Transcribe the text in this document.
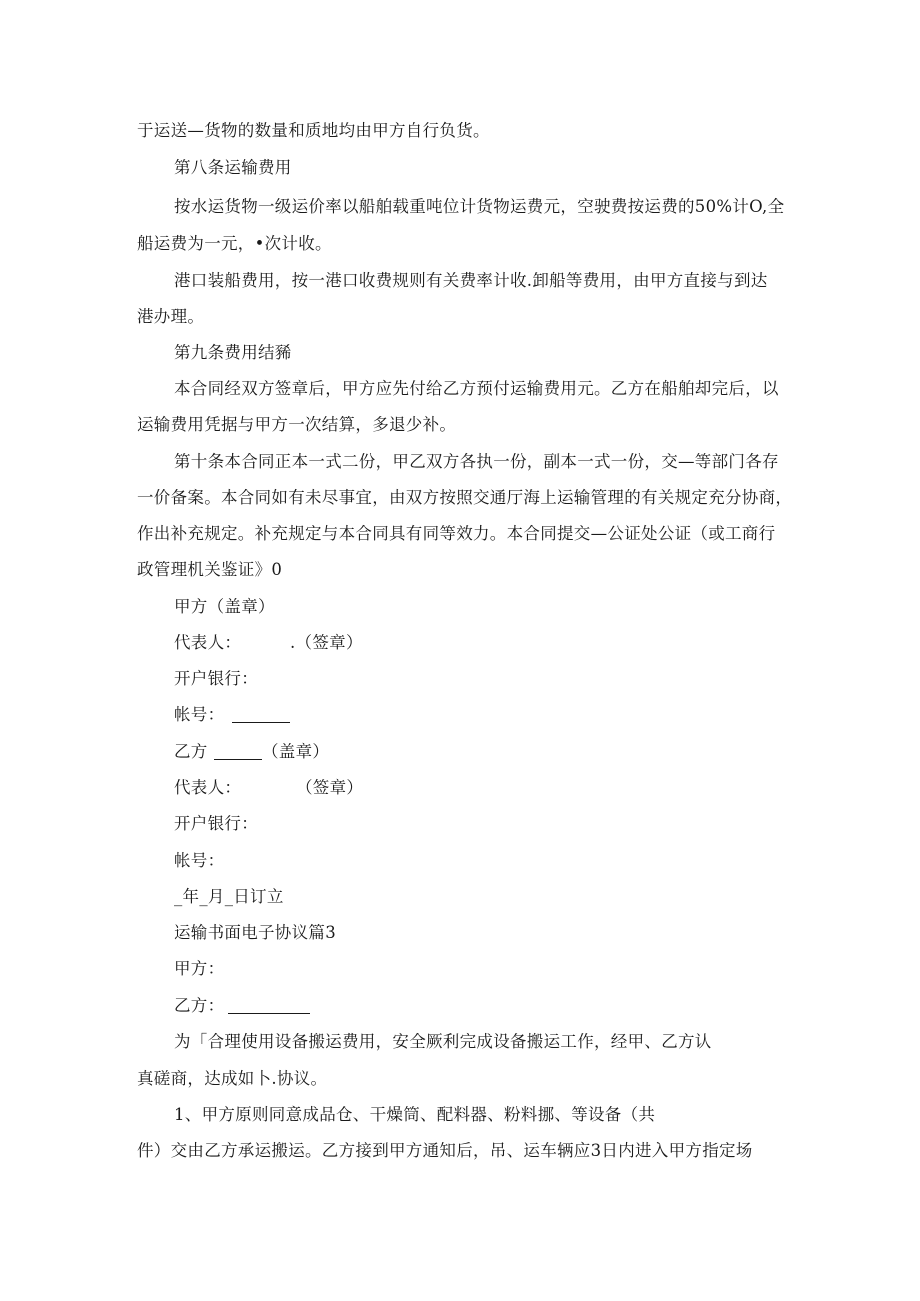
于运送—货物的数量和质地均由甲方自行负货。
第八条运输费用
按水运货物一级运价率以船舶载重吨位计货物运费元，空驶费按运费的50%计O,全
船运费为一元，•次计收。
港口装船费用，按一港口收费规则有关费率计收.卸船等费用，由甲方直接与到达
港办理。
第九条费用结豨
本合同经双方签章后，甲方应先付给乙方预付运输费用元。乙方在船舶却完后，以
运输费用凭据与甲方一次结算，多退少补。
第十条本合同正本一式二份，甲乙双方各执一份，副本一式一份，交—等部门各存
一价备案。本合同如有未尽事宜，由双方按照交通厅海上运输管理的有关规定充分协商，
作出补充规定。补充规定与本合同具有同等效力。本合同提交—公证处公证（或工商行
政管理机关鉴证》0
甲方（盖章）
代表人：	.（签章）
开户银行：
帐号：
乙方	（盖章）
代表人：	（签章）
开户银行：
帐号：
_年_月_日订立
运输书面电子协议篇3
甲方：
乙方：
为「合理使用设备搬运费用，安全厥利完成设备搬运工作，经甲、乙方认
真磋商，达成如卜.协议。
1、甲方原则同意成品仓、干燥筒、配料器、粉料挪、等设备（共
件）交由乙方承运搬运。乙方接到甲方通知后，吊、运车辆应3日内进入甲方指定场
